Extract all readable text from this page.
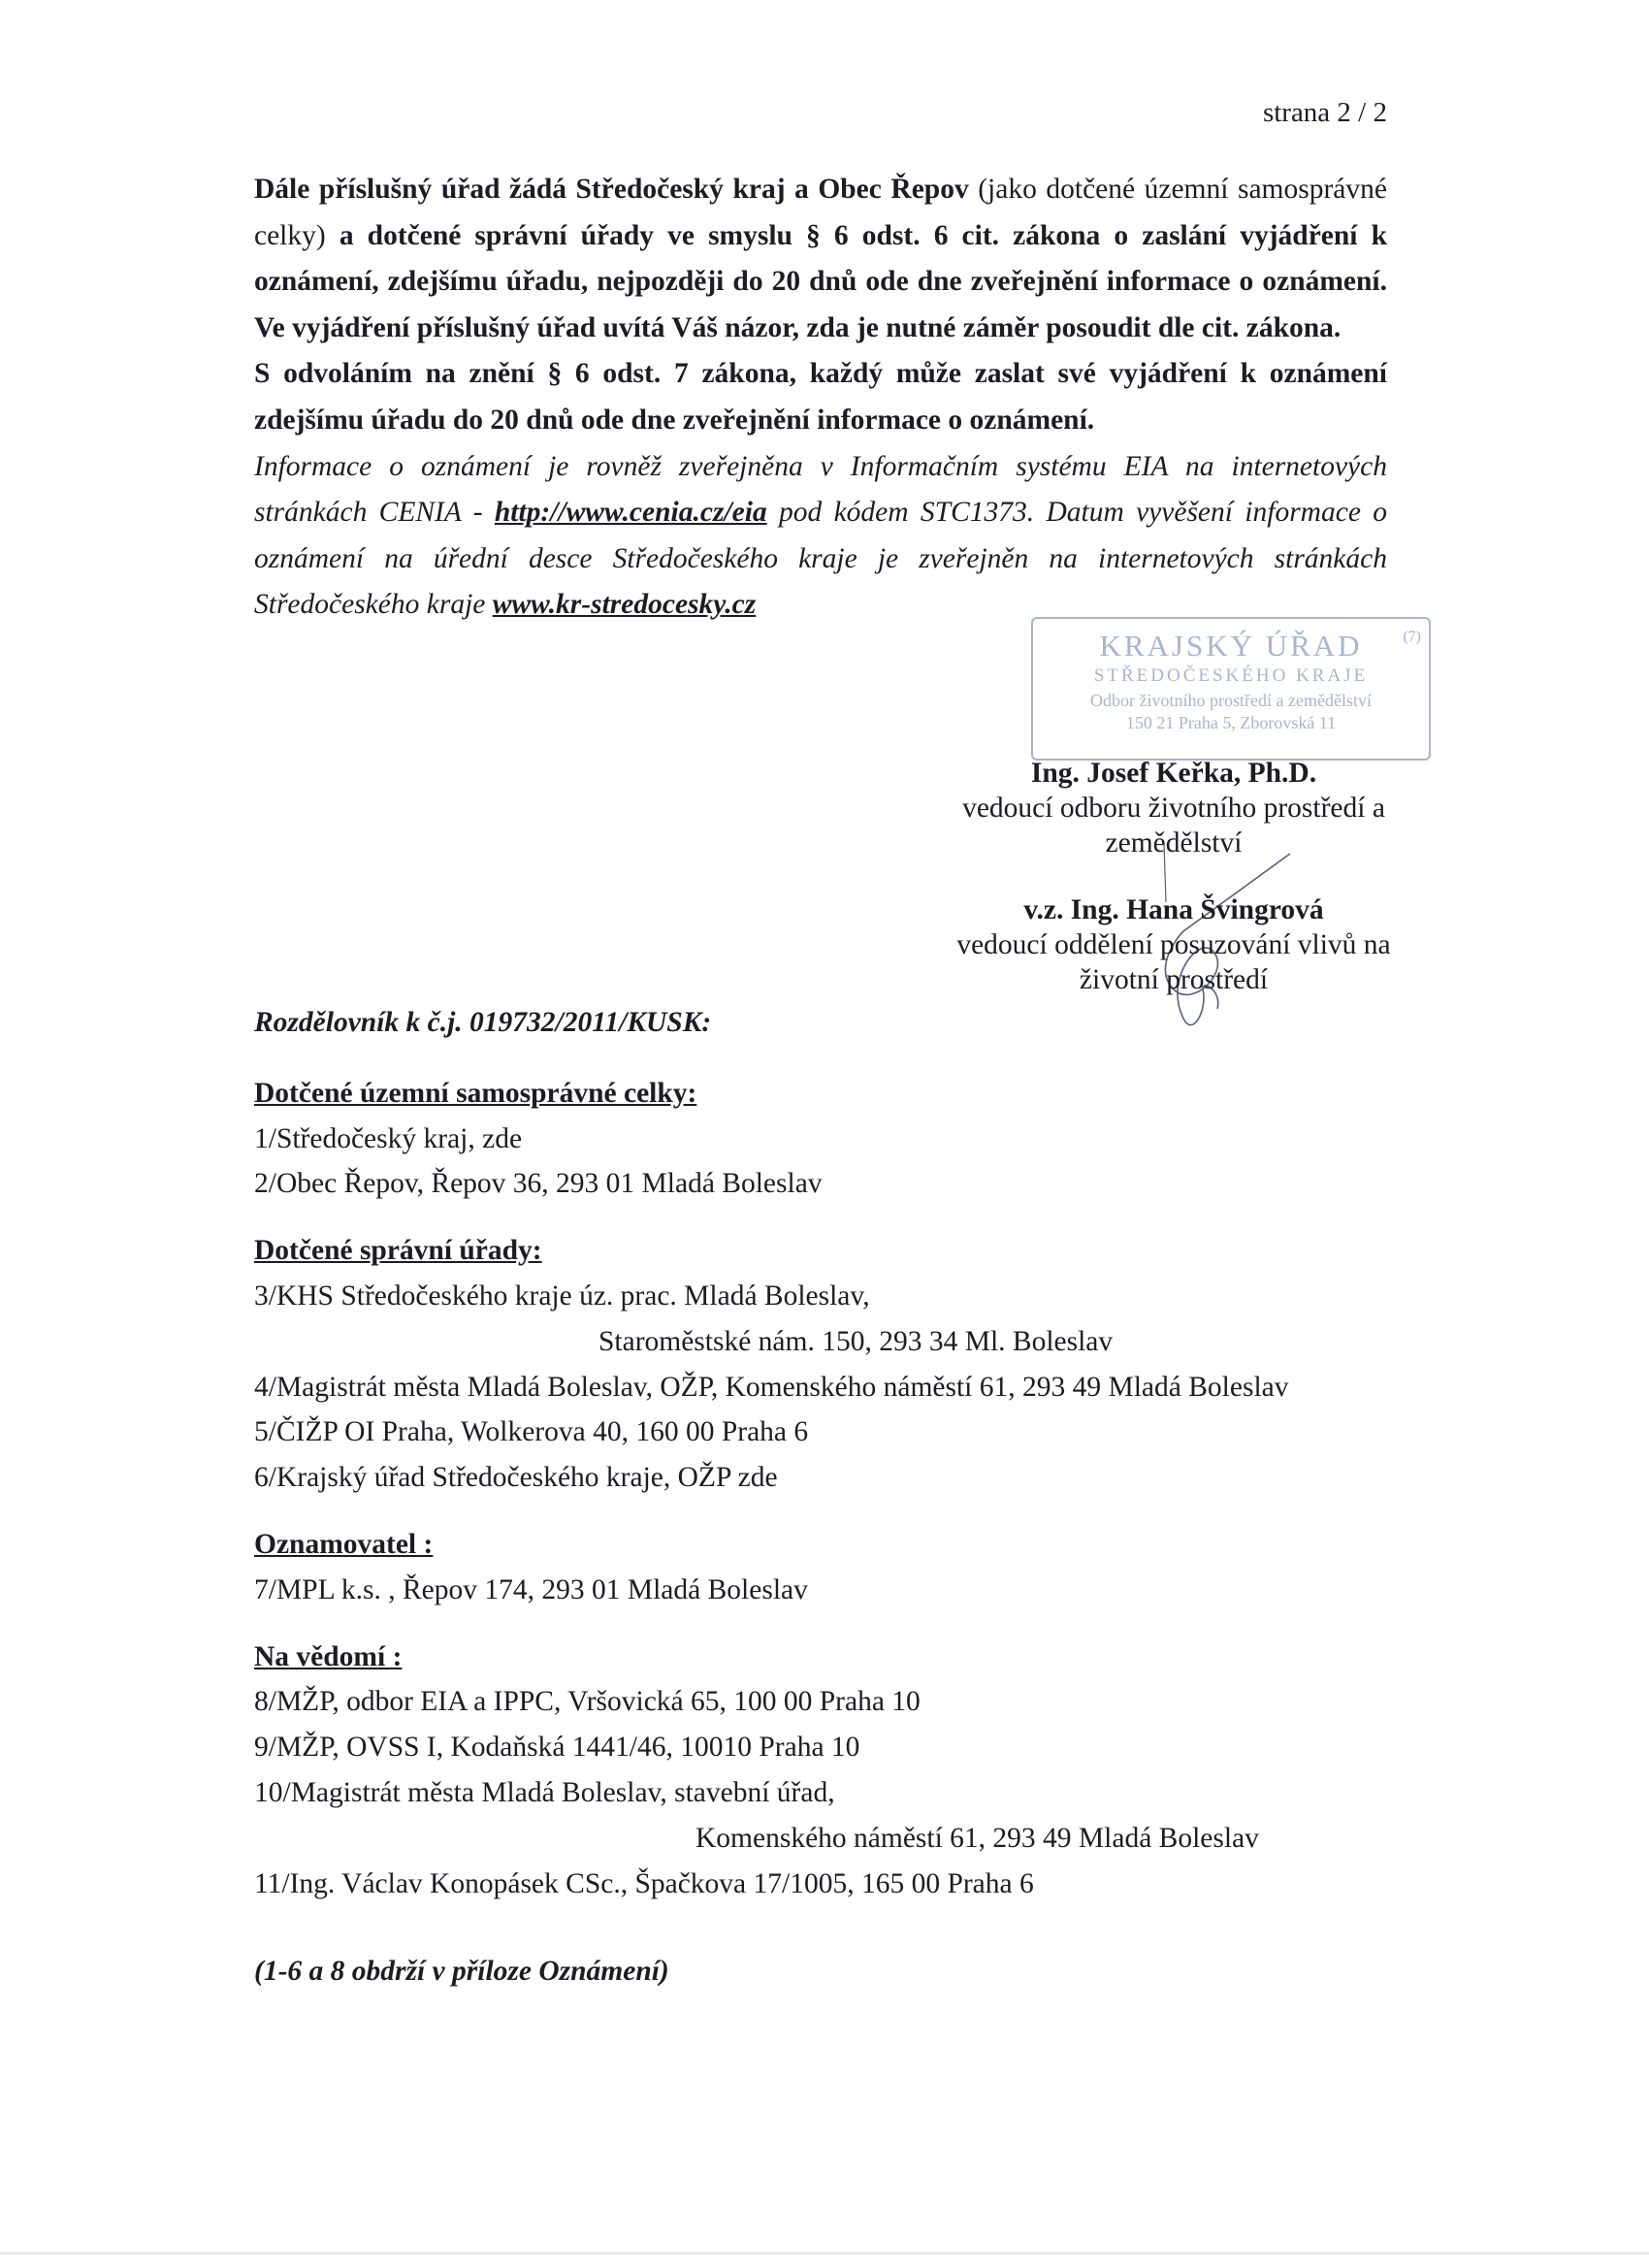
strana 2 / 2

Dále příslušný úřad žádá Středočeský kraj a Obec Řepov (jako dotčené územní samosprávné celky) a dotčené správní úřady ve smyslu § 6 odst. 6 cit. zákona o zaslání vyjádření k oznámení, zdejšímu úřadu, nejpozději do 20 dnů ode dne zveřejnění informace o oznámení. Ve vyjádření příslušný úřad uvítá Váš názor, zda je nutné záměr posoudit dle cit. zákona.

S odvoláním na znění § 6 odst. 7 zákona, každý může zaslat své vyjádření k oznámení zdejšímu úřadu do 20 dnů ode dne zveřejnění informace o oznámení.

Informace o oznámení je rovněž zveřejněna v Informačním systému EIA na internetových stránkách CENIA - http://www.cenia.cz/eia pod kódem STC1373. Datum vyvěšení informace o oznámení na úřední desce Středočeského kraje je zveřejněn na internetových stránkách Středočeského kraje www.kr-stredocesky.cz

KRAJSKÝ ÚŘAD
STŘEDOČESKÉHO KRAJE
Odbor životního prostředí a zemědělství
150 21 Praha 5, Zborovská 11
(7)
Ing. Josef Keřka, Ph.D.
vedoucí odboru životního prostředí a
zemědělství
v.z. Ing. Hana Švingrová
vedoucí oddělení posuzování vlivů na
životní prostředí

Rozdělovník k č.j. 019732/2011/KUSK:

Dotčené územní samosprávné celky:

1/Středočeský kraj, zde

2/Obec Řepov, Řepov 36, 293 01 Mladá Boleslav

Dotčené správní úřady:

3/KHS Středočeského kraje úz. prac. Mladá Boleslav,

Staroměstské nám. 150, 293 34 Ml. Boleslav

4/Magistrát města Mladá Boleslav, OŽP, Komenského náměstí 61, 293 49 Mladá Boleslav

5/ČIŽP OI Praha, Wolkerova 40, 160 00 Praha 6

6/Krajský úřad Středočeského kraje, OŽP zde

Oznamovatel :

7/MPL k.s. , Řepov 174, 293 01 Mladá Boleslav

Na vědomí :

8/MŽP, odbor EIA a IPPC, Vršovická 65, 100 00 Praha 10

9/MŽP, OVSS I, Kodaňská 1441/46, 10010 Praha 10

10/Magistrát města Mladá Boleslav, stavební úřad,

Komenského náměstí 61, 293 49 Mladá Boleslav

11/Ing. Václav Konopásek CSc., Špačkova 17/1005, 165 00 Praha 6

(1-6 a 8 obdrží v příloze Oznámení)
